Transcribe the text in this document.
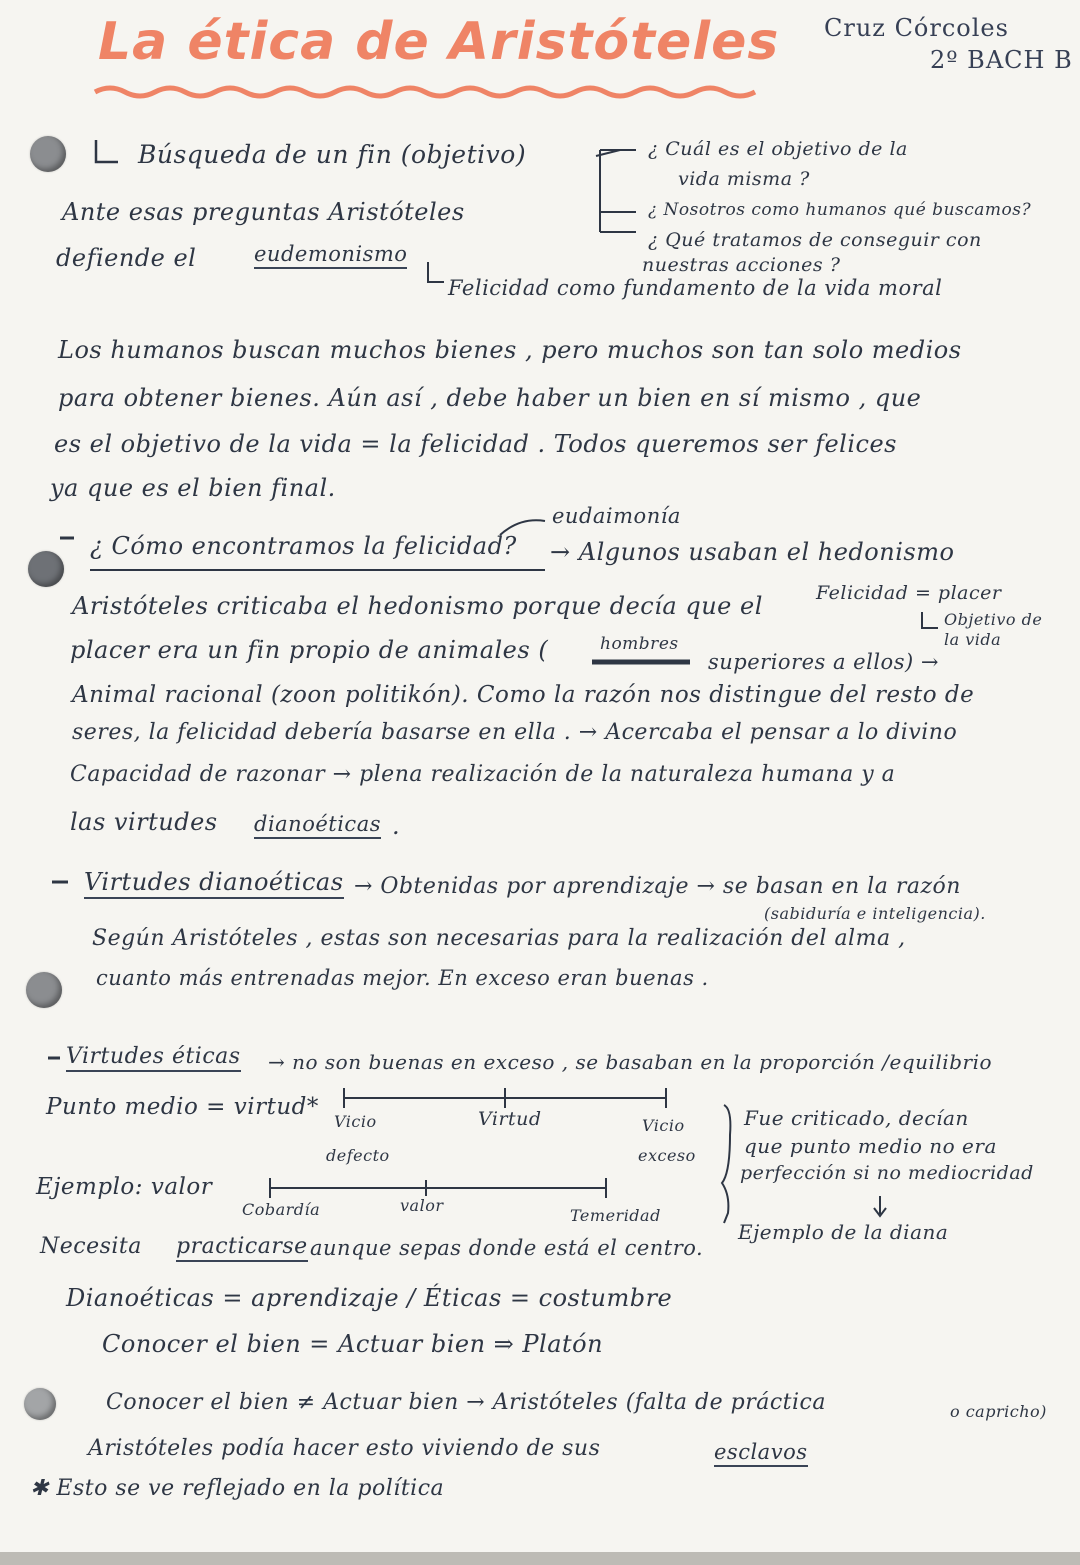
La ética de Aristóteles Cruz Córcoles
2º BACH B
Búsqueda de un fin (objetivo)	¿ Cuál es el objetivo de la
vida misma ?
¿ Nosotros como humanos qué buscamos?
¿ Qué tratamos de conseguir con
nuestras acciones ?
Ante esas preguntas Aristóteles
defiende el	eudemonismo
Felicidad como fundamento de la vida moral
Los humanos buscan muchos bienes , pero muchos son tan solo medios
para obtener bienes. Aún así , debe haber un bien en sí mismo , que
es el objetivo de la vida = la felicidad . Todos queremos ser felices
ya que es el bien final.
eudaimonía
¿ Cómo encontramos la felicidad? → Algunos usaban el hedonismo
Felicidad = placer
Objetivo de
la vida
Aristóteles criticaba el hedonismo porque decía que el
hombres
placer era un fin propio de animales (	superiores a ellos) →
Animal racional (zoon politikón). Como la razón nos distingue del resto de
seres, la felicidad debería basarse en ella . → Acercaba el pensar a lo divino
Capacidad de razonar → plena realización de la naturaleza humana y a
las virtudes dianoéticas .
Virtudes dianoéticas → Obtenidas por aprendizaje → se basan en la razón
(sabiduría e inteligencia).
Según Aristóteles , estas son necesarias para la realización del alma ,
cuanto más entrenadas mejor. En exceso eran buenas .
Virtudes éticas → no son buenas en exceso , se basaban en la proporción /equilibrio
Punto medio = virtud*
Vicio
defecto
Virtud	Vicio
exceso
Ejemplo: valor
Cobardía	valor
Temeridad
Necesita practicarse aunque sepas donde está el centro.
Fue criticado, decían
que punto medio no era
perfección si no mediocridad
Ejemplo de la diana
Dianoéticas = aprendizaje / Éticas = costumbre
Conocer el bien = Actuar bien ⇒ Platón
Conocer el bien ≠ Actuar bien → Aristóteles (falta de práctica	o capricho)
Aristóteles podía hacer esto viviendo de sus	esclavos
✱ Esto se ve reflejado en la política
